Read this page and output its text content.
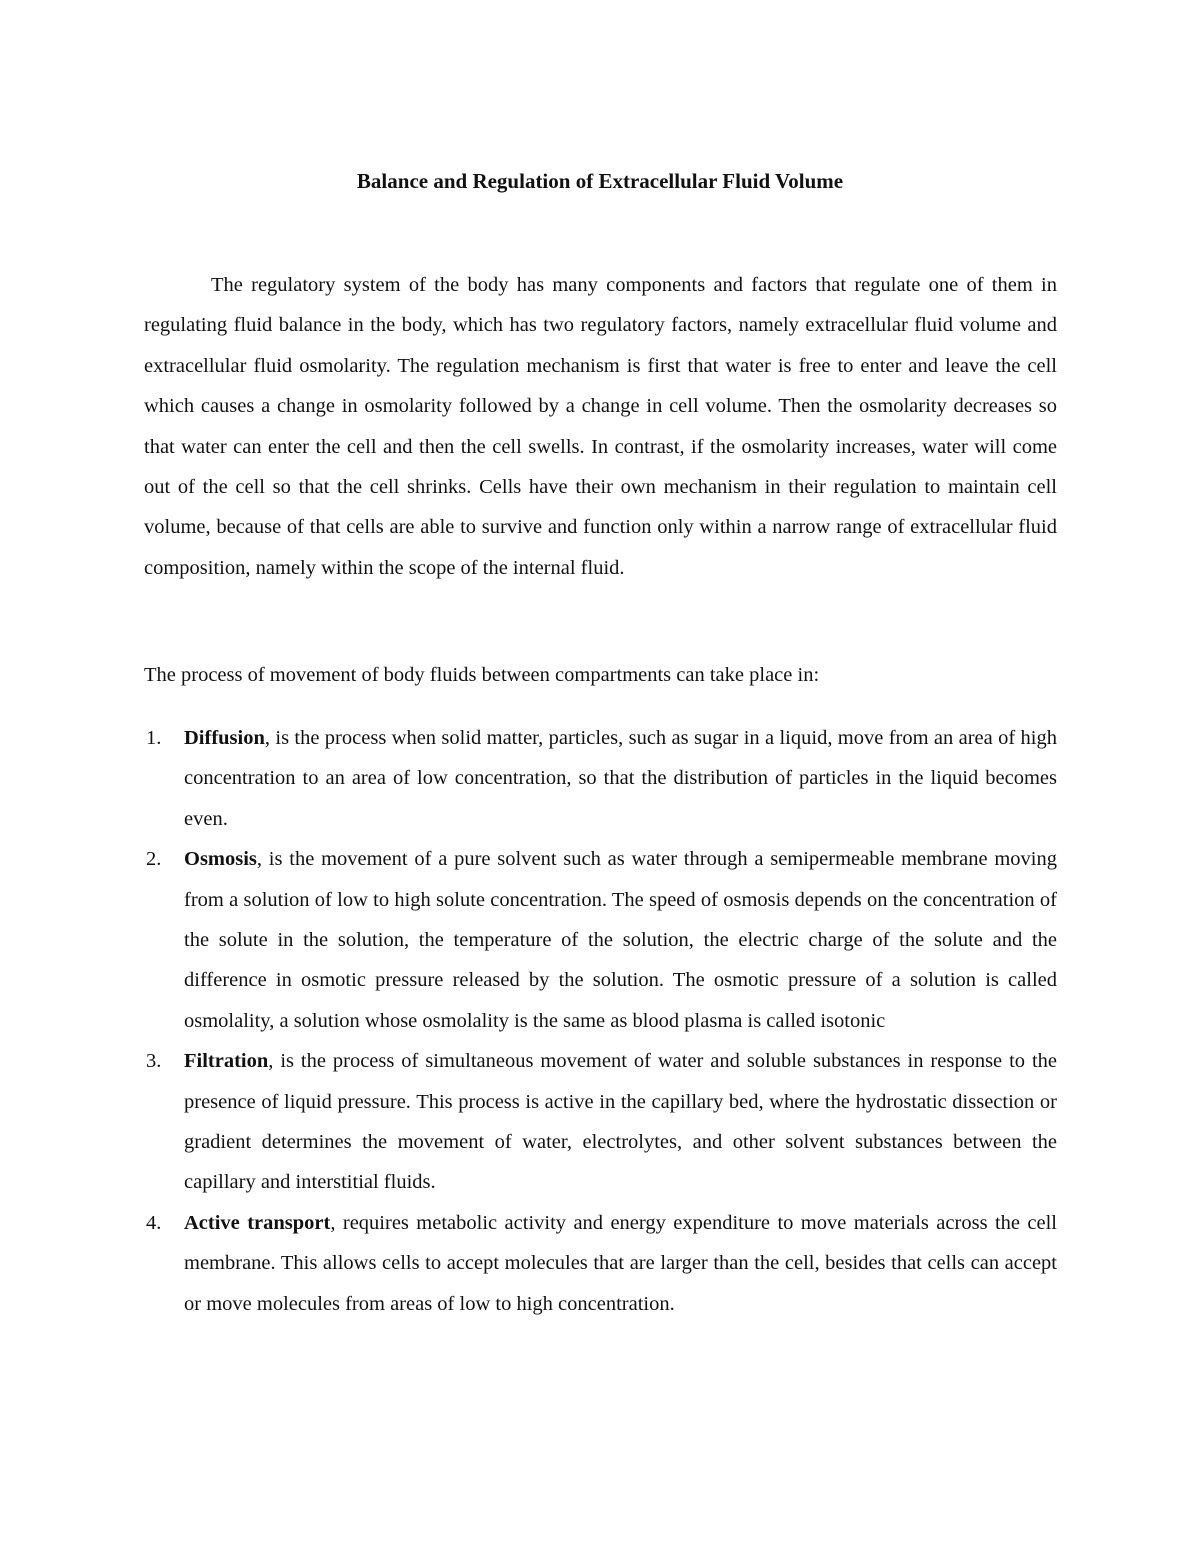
Balance and Regulation of Extracellular Fluid Volume

The regulatory system of the body has many components and factors that regulate one of them in regulating fluid balance in the body, which has two regulatory factors, namely extracellular fluid volume and extracellular fluid osmolarity. The regulation mechanism is first that water is free to enter and leave the cell which causes a change in osmolarity followed by a change in cell volume. Then the osmolarity decreases so that water can enter the cell and then the cell swells. In contrast, if the osmolarity increases, water will come out of the cell so that the cell shrinks. Cells have their own mechanism in their regulation to maintain cell volume, because of that cells are able to survive and function only within a narrow range of extracellular fluid composition, namely within the scope of the internal fluid.

The process of movement of body fluids between compartments can take place in:

1. Diffusion, is the process when solid matter, particles, such as sugar in a liquid, move from an area of high concentration to an area of low concentration, so that the distribution of particles in the liquid becomes even.
2. Osmosis, is the movement of a pure solvent such as water through a semipermeable membrane moving from a solution of low to high solute concentration. The speed of osmosis depends on the concentration of the solute in the solution, the temperature of the solution, the electric charge of the solute and the difference in osmotic pressure released by the solution. The osmotic pressure of a solution is called osmolality, a solution whose osmolality is the same as blood plasma is called isotonic
3. Filtration, is the process of simultaneous movement of water and soluble substances in response to the presence of liquid pressure. This process is active in the capillary bed, where the hydrostatic dissection or gradient determines the movement of water, electrolytes, and other solvent substances between the capillary and interstitial fluids.
4. Active transport, requires metabolic activity and energy expenditure to move materials across the cell membrane. This allows cells to accept molecules that are larger than the cell, besides that cells can accept or move molecules from areas of low to high concentration.
